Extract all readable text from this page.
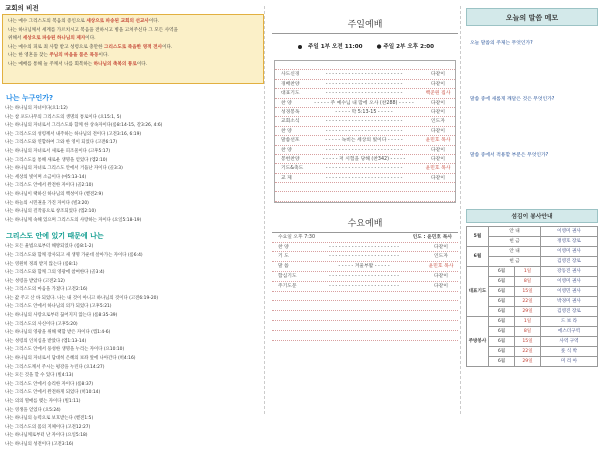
교회의 비전
나는 예수 그리스도의 복음의 증인으로 세상으로 파송된 교회의 선교사이다.
나는 하나님께서 세계를 가르치시고 복음을 전하시고 병을 고쳐주신다 그 모든 사역을
위해서 세상으로 파송된 하나님의 제자이다.
나는 예수의 피로 죄 사함 받고 성령으로 충만한 그리스도로 죽음한 영적 전사이다.
나는 한 영혼을 찾는 주님의 마음을 품은 목동이다.
나는 예배를 통해 늘 주께서 나를 회복하는 하나님의 축복의 통로이다.
나는 누구인가?
나는 하나님의 자녀이다(요1:12)
나는 참 포도나무의 그리스도의 생명의 통로이다 (요15:1, 5)
나는 하나님의 자녀로서 그리스도와 함께 한 상속자이다(롬8:14-15, 갈3:26, 4:6)
나는 그리스도의 성령께서 내주하는 하나님의 전이다 (고전3:16, 6:19)
나는 그리스도와 연합하여 그와 한 영이 되었다 (고전6:17)
나는 하나님의 자녀로서 새로운 피조물이다 (고후5:17)
나는 그리스도를 통해 새로운 생명을 얻었다 (엡2:10)
나는 하나님의 자녀로 그리스도 안에서 거듭난 자이다 (골3:3)
나는 세상의 빛이며 소금이다 (마5:13-14)
나는 그리스도 안에서 완전한 자이다 (골2:10)
나는 하나님이 택하신 하나님의 백성이다 (벧전2:9)
나는 하늘의 시민권을 가진 자이다 (빌3:20)
나는 하나님의 걸작품으로 창조되었다 (엡2:10)
나는 하나님께 속해 있으며 그리스도의 사랑하는 자이다 (요일5:18-19)
그리스도 안에 있기 때문에 나는
나는 모든 율법으로부터 해방되었다 (롬8:1-2)
나는 그리스도와 함께 장사되고 새 생명 가운데 살아가는 자이다 (롬6:4)
나는 영원히 정죄 받지 않는다 (롬8:1)
나는 그리스도와 함께 그의 영광에 참여한다 (골3:4)
나는 성령을 받았다 (고전2:12)
나는 그리스도의 마음을 가졌다 (고전2:16)
나는 값 주고 산 바 되었다. 나는 내 것이 아니고 하나님의 것이다 (고전6:19-20)
나는 그리스도 안에서 하나님의 의가 되었다 (고후5:21)
나는 하나님의 사랑으로부터 끊어지지 않는다 (롬8:35-39)
나는 그리스도의 사신이다 (고후5:20)
나는 하나님의 영광을 위해 택함 받은 자이다 (엡1:4-6)
나는 성령의 인치심을 받았다 (엡1:13-14)
나는 그리스도 안에서 풍성한 생명을 누리는 자이다 (요10:10)
나는 하나님의 자녀로서 담대히 은혜의 보좌 앞에 나아간다 (히4:16)
나는 그리스도께서 주시는 평강을 누린다 (요14:27)
나는 모든 것을 할 수 있다 (빌4:13)
나는 그리스도 안에서 승리한 자이다 (롬8:37)
나는 그리스도 안에서 완전하게 되었다 (히10:14)
나는 의의 열매를 맺는 자이다 (빌1:11)
나는 영생을 얻었다 (요5:24)
나는 하나님의 능력으로 보호받는다 (벧전1:5)
나는 그리스도의 몸의 지체이다 (고전12:27)
나는 하나님께로부터 난 자이다 (요일5:18)
나는 하나님의 성전이다 (고전3:16)
주일예배
주일 1부 오전 11:00	● 주일 2부 오후 2:00
사도신경	- - - - - - - - - - - - - - - - - - - - - - - -	다같이
경배찬양	- - - - - - - - - - - - - - - - - - - - - - - -	다같이
대표기도	- - - - - - - - - - - - - - - - - - - - - - - -	백준원 집사
찬 양	- - - - - 주 예수님 내 맘에 오사 (찬288) - - - - -	다같이
성경봉독	- - - - - 막 5:13-15 - - - - -	다같이
교회소식	- - - - - - - - - - - - - - - - - - - - - - - -	인도자
찬 양	- - - - - - - - - - - - - - - - - - - - - - - -	다같이
말씀선포	- - - - - 녹비는 세상의 빛이다 - - - - -	윤민호 목사
찬 양	- - - - - - - - - - - - - - - - - - - - - - - -	다같이
봉헌찬양	- - - - - 저 시험을 당해 (찬342) - - - - -	다같이
기도&축도	- - - - - - - - - - - - - - - - - - - - - - - -	윤민호 목사
교 제	- - - - - - - - - - - - - - - - - - - - - - - -	다같이
수요예배
수요일 오후 7:30	인도 : 윤민호 목사
찬 양	- - - - - - - - - - - - - - - - - - - - - -	다같이
기 도	- - - - - - - - - - - - - - - - - - - - - -	인도자
말 씀	- - - - - 겨울부활 - - - - -	윤민호 목사
합심기도	- - - - - - - - - - - - - - - - - - - - - -	다같이
주기도문	- - - - - - - - - - - - - - - - - - - - - -	다같이
오늘의 말씀 메모
오늘 말씀의 주제는 무엇인가?
말씀 중에 새롭게 깨달은 것은 무엇인가?
말씀 중에서 적용할 부분은 무엇인가?
섬김이 봉사안내
5월	안 내		이영미 권사
	헌 금		정영호 장로
6월	안 내		이영미 권사
	헌 금		김영진 장로
대표기도	6월	1일	강동진 권사
	6월	8일	이영미 권사
	6월	15일	이영민 권사
	6월	22일	박경미 권사
	6월	29일	김영진 장로
주방봉사	6월	1일	드 보 라
	6월	8일	에스더구역
	6월	15일	사역 구역
	6월	22일	룻 식 박
	6월	29일	미 리 아
